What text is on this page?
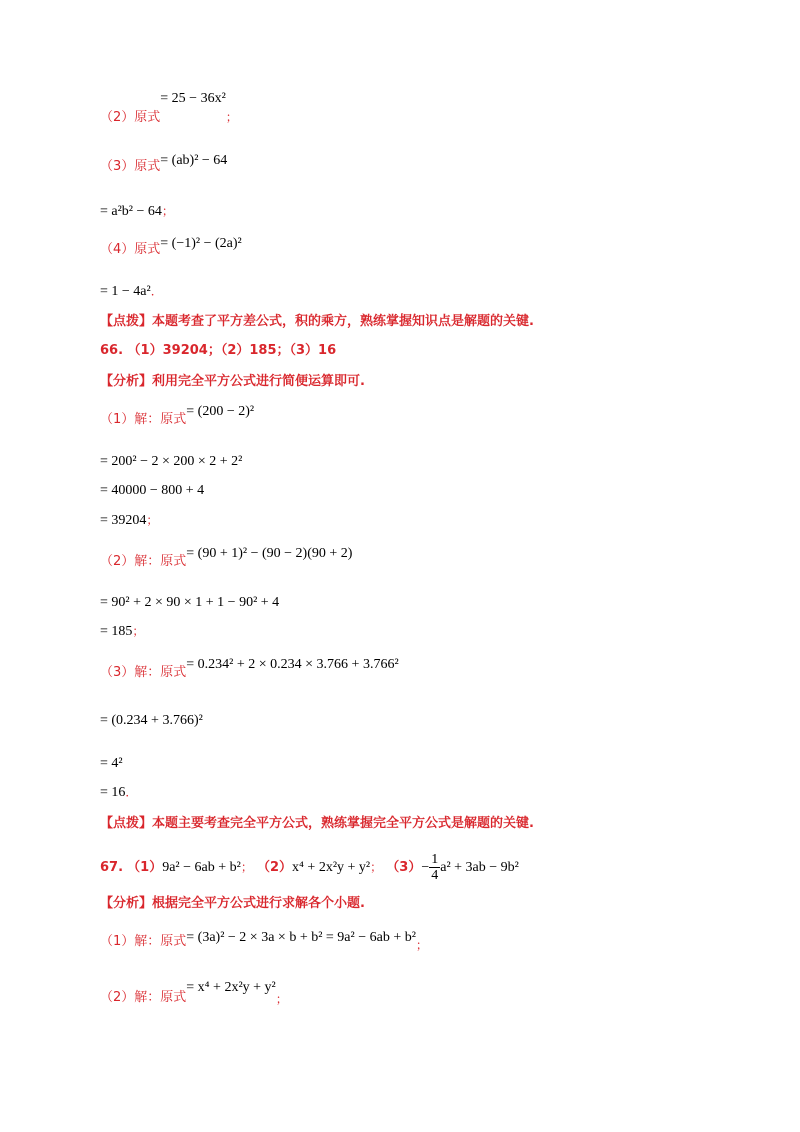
（2）原式= 25 − 36x²；
（3）原式= (ab)² − 64
= a²b² − 64；
（4）原式= (−1)² − (2a)²
= 1 − 4a²．
【点拨】本题考查了平方差公式，积的乘方，熟练掌握知识点是解题的关键.
66. （1）39204；（2）185；（3）16
【分析】利用完全平方公式进行简便运算即可.
（1）解：原式= (200 − 2)²
= 200² − 2 × 200 × 2 + 2²
= 40000 − 800 + 4
= 39204；
（2）解：原式= (90 + 1)² − (90 − 2)(90 + 2)
= 90² + 2 × 90 × 1 + 1 − 90² + 4
= 185；
（3）解：原式= 0.234² + 2 × 0.234 × 3.766 + 3.766²
= (0.234 + 3.766)²
= 4²
= 16．
【点拨】本题主要考查完全平方公式，熟练掌握完全平方公式是解题的关键.
67. （1）9a² − 6ab + b²； （2）x⁴ + 2x²y + y²； $(3)- \frac{1}{4} a^2 + 3ab - 9b^2$
【分析】根据完全平方公式进行求解各个小题.
（1）解：原式= (3a)² − 2 × 3a × b + b² = 9a² − 6ab + b²；
（2）解：原式= x⁴ + 2x²y + y²；
